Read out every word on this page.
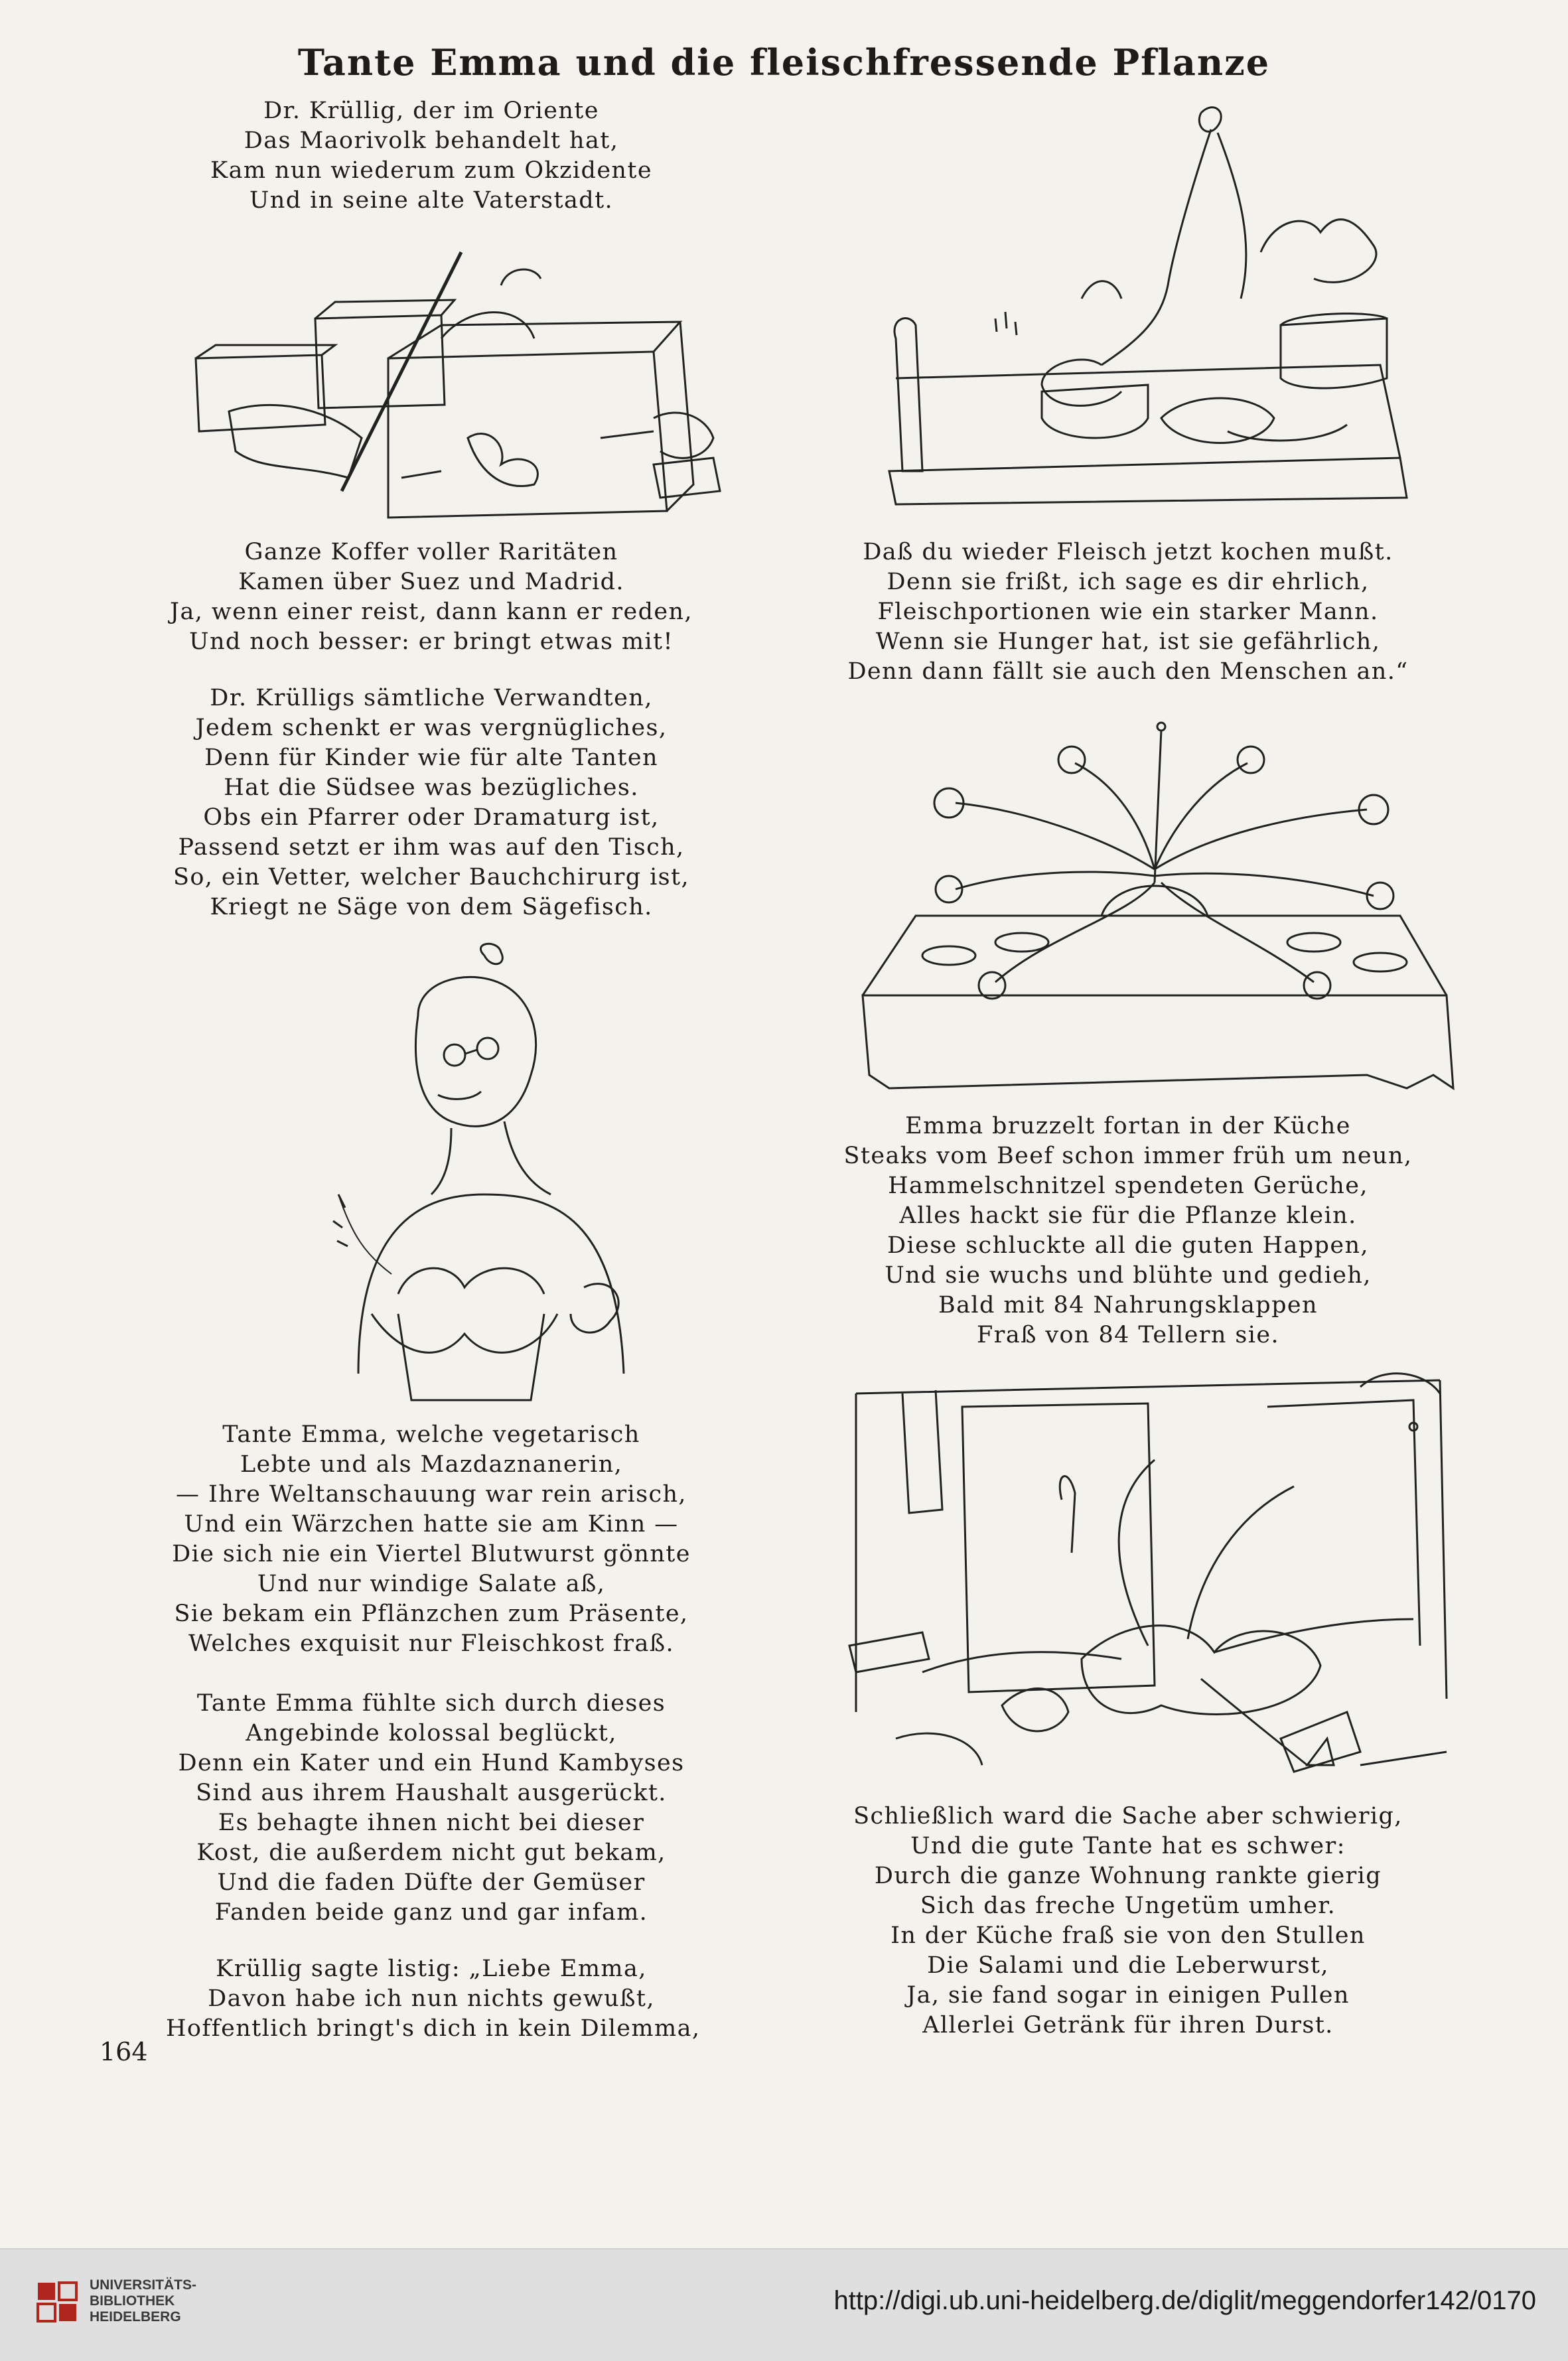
Tante Emma und die fleischfressende Pflanze
Dr. Krüllig, der im Oriente
Das Maorivolk behandelt hat,
Kam nun wiederum zum Okzidente
Und in seine alte Vaterstadt.
Ganze Koffer voller Raritäten
Kamen über Suez und Madrid.
Ja, wenn einer reist, dann kann er reden,
Und noch besser: er bringt etwas mit!
Dr. Krülligs sämtliche Verwandten,
Jedem schenkt er was vergnügliches,
Denn für Kinder wie für alte Tanten
Hat die Südsee was bezügliches.
Obs ein Pfarrer oder Dramaturg ist,
Passend setzt er ihm was auf den Tisch,
So, ein Vetter, welcher Bauchchirurg ist,
Kriegt ne Säge von dem Sägefisch.
Tante Emma, welche vegetarisch
Lebte und als Mazdaznanerin,
— Ihre Weltanschauung war rein arisch,
Und ein Wärzchen hatte sie am Kinn —
Die sich nie ein Viertel Blutwurst gönnte
Und nur windige Salate aß,
Sie bekam ein Pflänzchen zum Präsente,
Welches exquisit nur Fleischkost fraß.
Tante Emma fühlte sich durch dieses
Angebinde kolossal beglückt,
Denn ein Kater und ein Hund Kambyses
Sind aus ihrem Haushalt ausgerückt.
Es behagte ihnen nicht bei dieser
Kost, die außerdem nicht gut bekam,
Und die faden Düfte der Gemüser
Fanden beide ganz und gar infam.
Krüllig sagte listig: „Liebe Emma,
Davon habe ich nun nichts gewußt,
Hoffentlich bringt's dich in kein Dilemma,
164
Daß du wieder Fleisch jetzt kochen mußt.
Denn sie frißt, ich sage es dir ehrlich,
Fleischportionen wie ein starker Mann.
Wenn sie Hunger hat, ist sie gefährlich,
Denn dann fällt sie auch den Menschen an.“
Emma bruzzelt fortan in der Küche
Steaks vom Beef schon immer früh um neun,
Hammelschnitzel spendeten Gerüche,
Alles hackt sie für die Pflanze klein.
Diese schluckte all die guten Happen,
Und sie wuchs und blühte und gedieh,
Bald mit 84 Nahrungsklappen
Fraß von 84 Tellern sie.
Schließlich ward die Sache aber schwierig,
Und die gute Tante hat es schwer:
Durch die ganze Wohnung rankte gierig
Sich das freche Ungetüm umher.
In der Küche fraß sie von den Stullen
Die Salami und die Leberwurst,
Ja, sie fand sogar in einigen Pullen
Allerlei Getränk für ihren Durst.
UNIVERSITÄTS-
BIBLIOTHEK
HEIDELBERG
http://digi.ub.uni-heidelberg.de/diglit/meggendorfer142/0170
